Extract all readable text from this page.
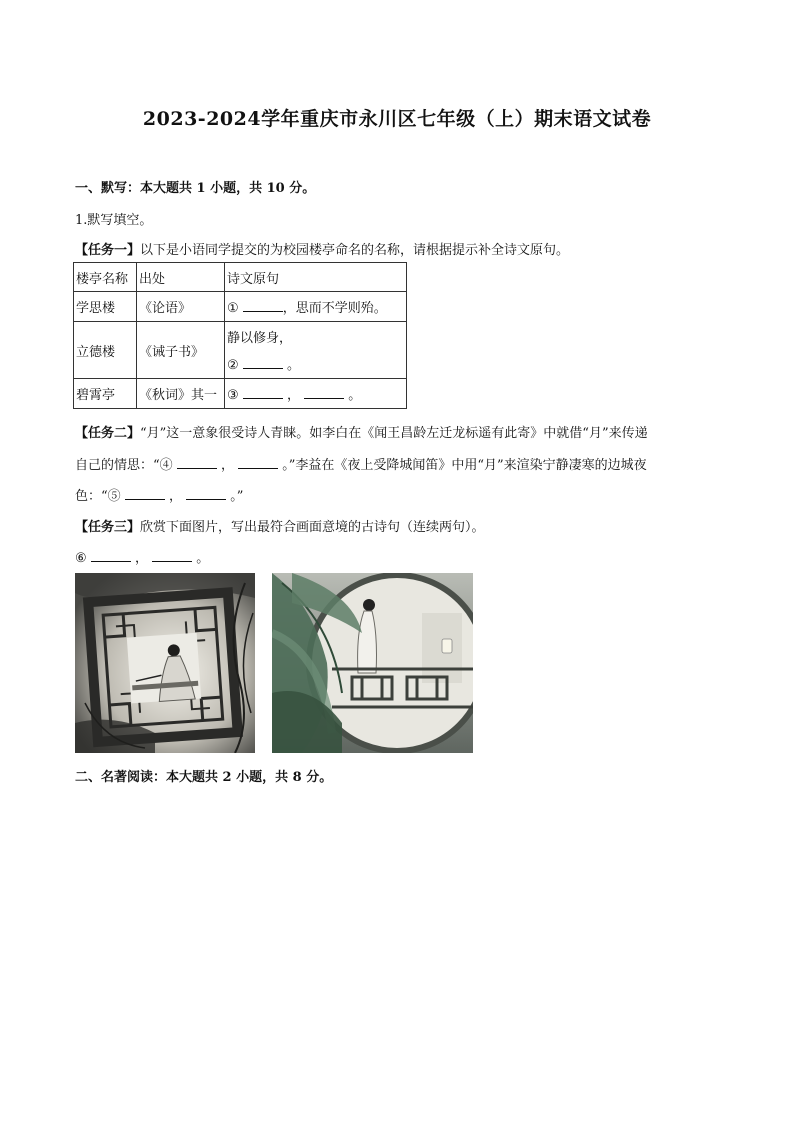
2023-2024学年重庆市永川区七年级（上）期末语文试卷
一、默写：本大题共 1 小题，共 10 分。
1.默写填空。
【任务一】以下是小语同学提交的为校园楼亭命名的名称，请根据提示补全诗文原句。
楼亭名称	出处	诗文原句
学思楼	《论语》	① ，思而不学则殆。
立德楼	《诫子书》	静以修身，
② 。

碧霄亭	《秋词》其一	③ ， 。
【任务二】“月”这一意象很受诗人青睐。如李白在《闻王昌龄左迁龙标遥有此寄》中就借“月”来传递
自己的情思：“④	，	。”李益在《夜上受降城闻笛》中用“月”来渲染宁静凄寒的边城夜
色：“⑤	，	。”
【任务三】欣赏下面图片，写出最符合画面意境的古诗句（连续两句）。
⑥	，	。
二、名著阅读：本大题共 2 小题，共 8 分。
